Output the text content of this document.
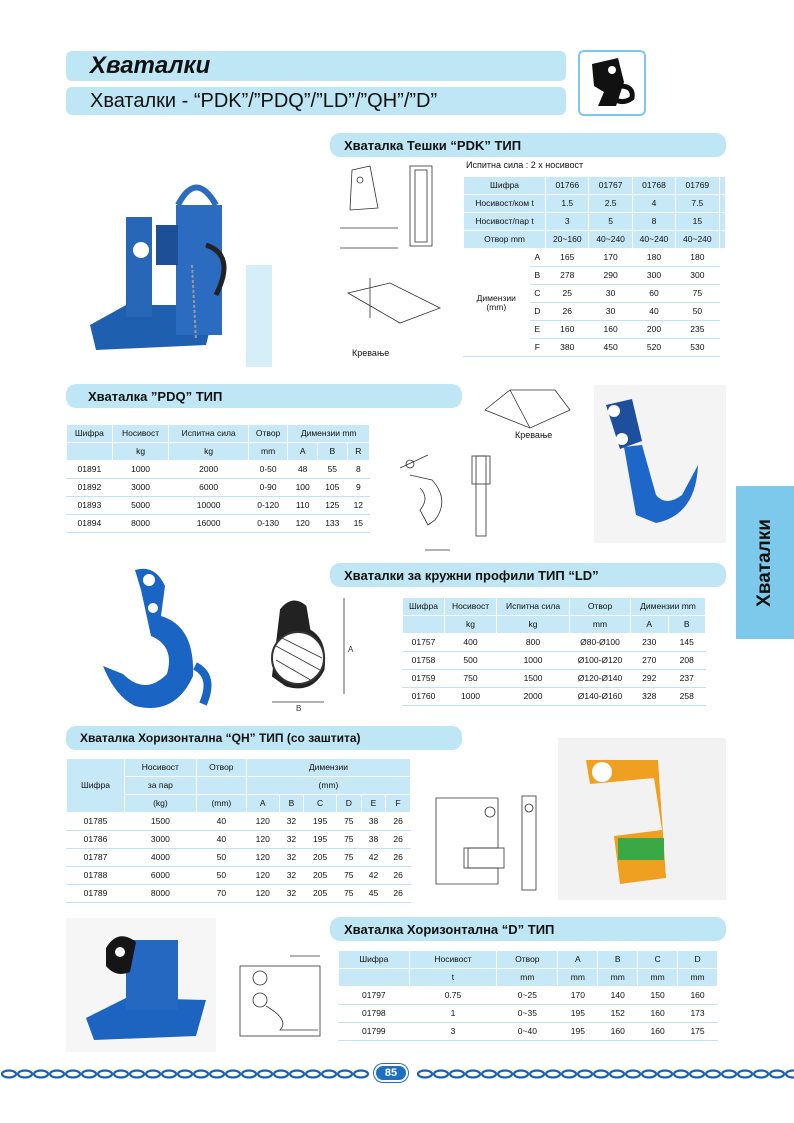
Хваталки
Хваталки - “PDK”/”PDQ”/”LD”/”QH”/”D”
Хваталка Тешки “PDK” ТИП
Кревање
Испитна сила : 2 х носивост
Шифра		01766	01767	01768	01769	
Носивост/ком t		1.5	2.5	4	7.5	
Носивост/пар t		3	5	8	15	
Отвор mm		20~160	40~240	40~240	40~240	
Димензии
(mm)	A	165	170	180	180	
	B	278	290	300	300	
	C	25	30	60	75	
	D	26	30	40	50	
	E	160	160	200	235	
	F	380	450	520	530	
Хваталка ”PDQ” ТИП
Шифра	Носивост	Испитна сила	Отвор	Димензии mm		
	kg	kg	mm	A	B	R
01891	1000	2000	0-50	48	55	8
01892	3000	6000	0-90	100	105	9
01893	5000	10000	0-120	110	125	12
01894	8000	16000	0-130	120	133	15
Кревање
A
B
Хваталки за кружни профили ТИП “LD”
Шифра	Носивост	Испитна сила	Отвор	Димензии mm	
	kg	kg	mm	A	B
01757	400	800	Ø80-Ø100	230	145
01758	500	1000	Ø100-Ø120	270	208
01759	750	1500	Ø120-Ø140	292	237
01760	1000	2000	Ø140-Ø160	328	258
Хваталки
Хваталка Хоризонтална “QH” ТИП (со заштита)
Шифра	Носивост	Отвор	Димензии					
	за пар		(mm)					
	(kg)	(mm)	A	B	C	D	E	F
01785	1500	40	120	32	195	75	38	26
01786	3000	40	120	32	195	75	38	26
01787	4000	50	120	32	205	75	42	26
01788	6000	50	120	32	205	75	42	26
01789	8000	70	120	32	205	75	45	26
Хваталка Хоризонтална “D” ТИП
Шифра	Носивост	Отвор	A	B	C	D
	t	mm	mm	mm	mm	mm
01797	0.75	0~25	170	140	150	160
01798	1	0~35	195	152	160	173
01799	3	0~40	195	160	160	175
85
